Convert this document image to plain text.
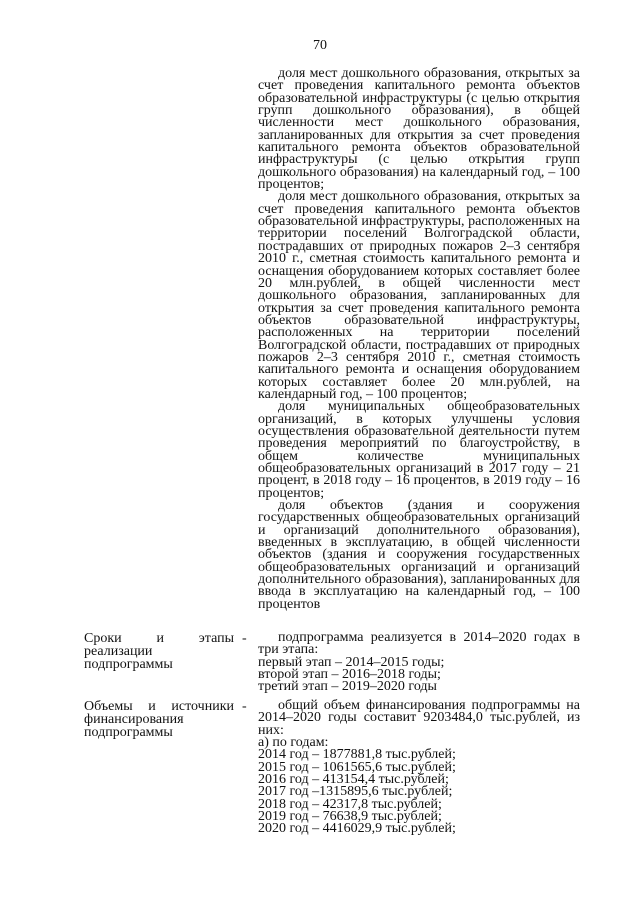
70

доля мест дошкольного образования, открытых за счет проведения капитального ремонта объектов образовательной инфраструктуры (с целью открытия групп дошкольного образования), в общей численности мест дошкольного образования, запланированных для открытия за счет проведения капитального ремонта объектов образовательной инфраструктуры (с целью открытия групп дошкольного образования) на календарный год, – 100 процентов;

доля мест дошкольного образования, открытых за счет проведения капитального ремонта объектов образовательной инфраструктуры, расположенных на территории поселений Волгоградской области, пострадавших от природных пожаров 2–3 сентября 2010 г., сметная стоимость капитального ремонта и оснащения оборудованием которых составляет более 20 млн.рублей, в общей численности мест дошкольного образования, запланированных для открытия за счет проведения капитального ремонта объектов образовательной инфраструктуры, расположенных на территории поселений Волгоградской области, пострадавших от природных пожаров 2–3 сентября 2010 г., сметная стоимость капитального ремонта и оснащения оборудованием которых составляет более 20 млн.рублей, на календарный год, – 100 процентов;

доля муниципальных общеобразовательных организаций, в которых улучшены условия осуществления образовательной деятельности путем проведения мероприятий по благоустройству, в общем количестве муниципальных общеобразовательных организаций в 2017 году – 21 процент, в 2018 году – 16 процентов, в 2019 году – 16 процентов;

доля объектов (здания и сооружения государственных общеобразовательных организаций и организаций дополнительного образования), введенных в эксплуатацию, в общей численности объектов (здания и сооружения государственных общеобразовательных организаций и организаций дополнительного образования), запланированных для ввода в эксплуатацию на календарный год, – 100 процентов

Сроки и этапы реализации подпрограммы
-	подпрограмма реализуется в 2014–2020 годах в три этапа:

первый этап – 2014–2015 годы;

второй этап – 2016–2018 годы;

третий этап – 2019–2020 годы

Объемы и источники финансирования подпрограммы
-	общий объем финансирования подпрограммы на 2014–2020 годы составит 9203484,0 тыс.рублей, из них:

а) по годам:

2014 год – 1877881,8 тыс.рублей;

2015 год – 1061565,6 тыс.рублей;

2016 год – 413154,4 тыс.рублей;

2017 год –1315895,6 тыс.рублей;

2018 год – 42317,8 тыс.рублей;

2019 год – 76638,9 тыс.рублей;

2020 год – 4416029,9 тыс.рублей;
